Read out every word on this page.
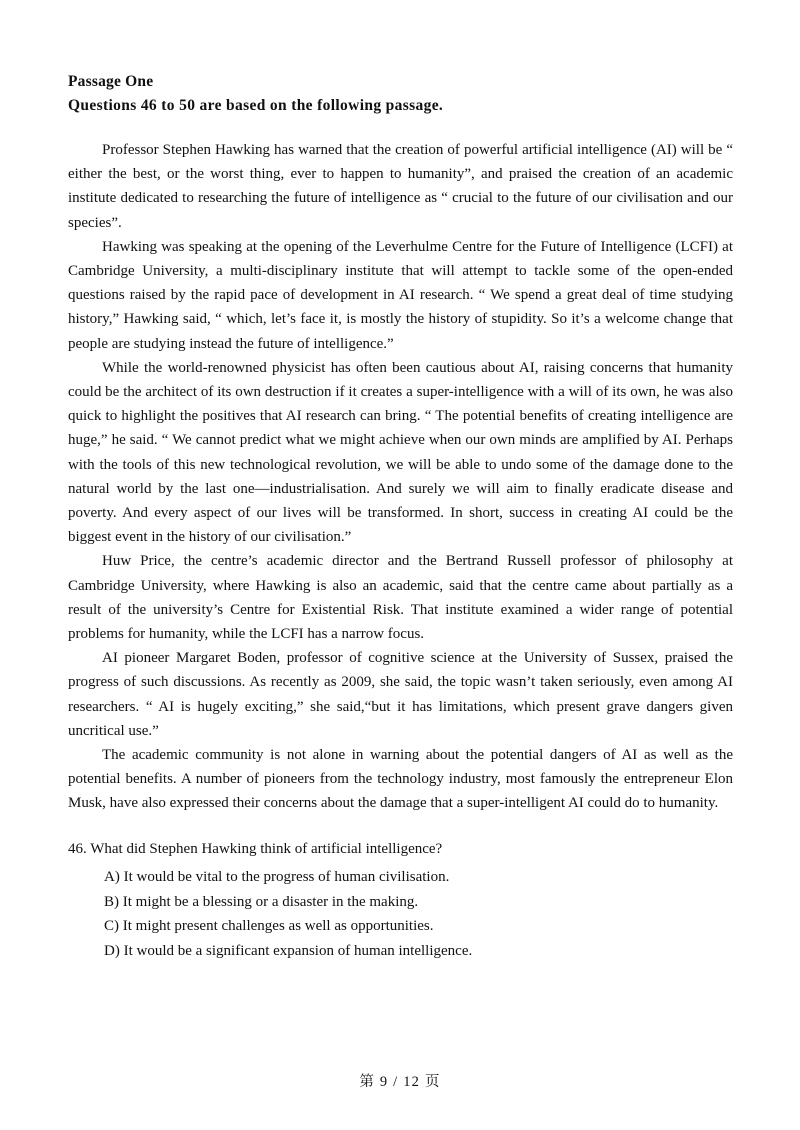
Passage One
Questions 46 to 50 are based on the following passage.

Professor Stephen Hawking has warned that the creation of powerful artificial intelligence (AI) will be “ either the best, or the worst thing, ever to happen to humanity”, and praised the creation of an academic institute dedicated to researching the future of intelligence as “ crucial to the future of our civilisation and our species”.

Hawking was speaking at the opening of the Leverhulme Centre for the Future of Intelligence (LCFI) at Cambridge University, a multi-disciplinary institute that will attempt to tackle some of the open-ended questions raised by the rapid pace of development in AI research. “ We spend a great deal of time studying history,” Hawking said, “ which, let’s face it, is mostly the history of stupidity. So it’s a welcome change that people are studying instead the future of intelligence.”

While the world-renowned physicist has often been cautious about AI, raising concerns that humanity could be the architect of its own destruction if it creates a super-intelligence with a will of its own, he was also quick to highlight the positives that AI research can bring. “ The potential benefits of creating intelligence are huge,” he said. “ We cannot predict what we might achieve when our own minds are amplified by AI. Perhaps with the tools of this new technological revolution, we will be able to undo some of the damage done to the natural world by the last one—industrialisation. And surely we will aim to finally eradicate disease and poverty. And every aspect of our lives will be transformed. In short, success in creating AI could be the biggest event in the history of our civilisation.”

Huw Price, the centre’s academic director and the Bertrand Russell professor of philosophy at Cambridge University, where Hawking is also an academic, said that the centre came about partially as a result of the university’s Centre for Existential Risk. That institute examined a wider range of potential problems for humanity, while the LCFI has a narrow focus.

AI pioneer Margaret Boden, professor of cognitive science at the University of Sussex, praised the progress of such discussions. As recently as 2009, she said, the topic wasn’t taken seriously, even among AI researchers. “ AI is hugely exciting,” she said,“but it has limitations, which present grave dangers given uncritical use.”

The academic community is not alone in warning about the potential dangers of AI as well as the potential benefits. A number of pioneers from the technology industry, most famously the entrepreneur Elon Musk, have also expressed their concerns about the damage that a super-intelligent AI could do to humanity.

46. What did Stephen Hawking think of artificial intelligence?
A) It would be vital to the progress of human civilisation.
B) It might be a blessing or a disaster in the making.
C) It might present challenges as well as opportunities.
D) It would be a significant expansion of human intelligence.
第 9 / 12 页
